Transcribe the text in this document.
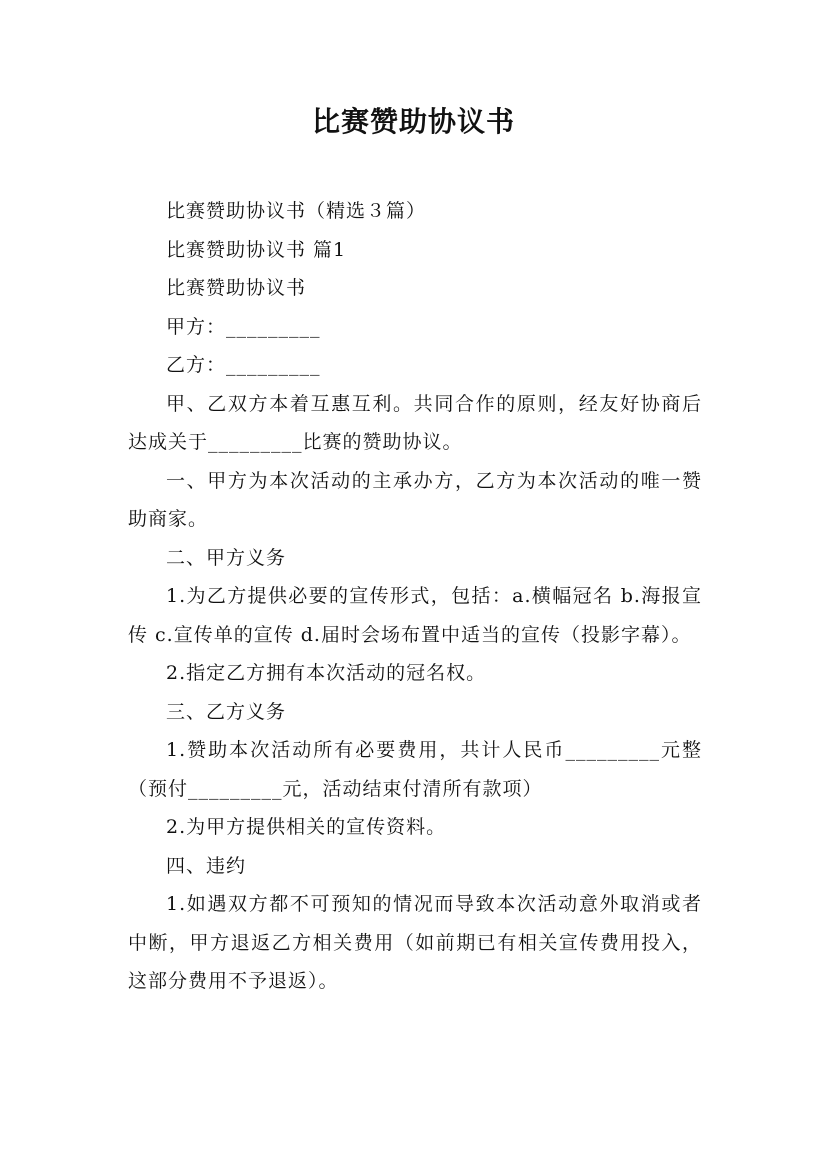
比赛赞助协议书

比赛赞助协议书（精选３篇）

比赛赞助协议书 篇1

比赛赞助协议书

甲方：_________

乙方：_________

甲、乙双方本着互惠互利。共同合作的原则，经友好协商后达成关于_________比赛的赞助协议。

一、甲方为本次活动的主承办方，乙方为本次活动的唯一赞助商家。

二、甲方义务

1.为乙方提供必要的宣传形式，包括：a.横幅冠名 b.海报宣传 c.宣传单的宣传 d.届时会场布置中适当的宣传（投影字幕）。

2.指定乙方拥有本次活动的冠名权。

三、乙方义务

1.赞助本次活动所有必要费用，共计人民币_________元整（预付_________元，活动结束付清所有款项）

2.为甲方提供相关的宣传资料。

四、违约

1.如遇双方都不可预知的情况而导致本次活动意外取消或者中断，甲方退返乙方相关费用（如前期已有相关宣传费用投入，这部分费用不予退返）。
